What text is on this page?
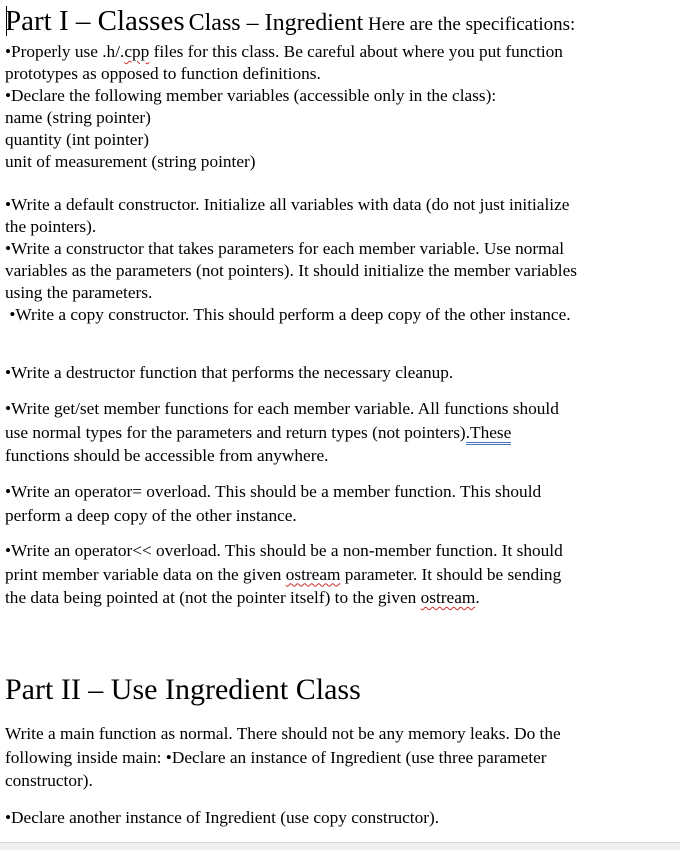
Part I – Classes Class – Ingredient Here are the specifications:

•Properly use .h/.cpp files for this class. Be careful about where you put function

prototypes as opposed to function definitions.

•Declare the following member variables (accessible only in the class):

name (string pointer)

quantity (int pointer)

unit of measurement (string pointer)

•Write a default constructor. Initialize all variables with data (do not just initialize

the pointers).

•Write a constructor that takes parameters for each member variable. Use normal

variables as the parameters (not pointers). It should initialize the member variables

using the parameters.

•Write a copy constructor. This should perform a deep copy of the other instance.

•Write a destructor function that performs the necessary cleanup.

•Write get/set member functions for each member variable. All functions should

use normal types for the parameters and return types (not pointers).These

functions should be accessible from anywhere.

•Write an operator= overload. This should be a member function. This should

perform a deep copy of the other instance.

•Write an operator<< overload. This should be a non-member function. It should

print member variable data on the given ostream parameter. It should be sending

the data being pointed at (not the pointer itself) to the given ostream.

Part II – Use Ingredient Class

Write a main function as normal. There should not be any memory leaks. Do the

following inside main: •Declare an instance of Ingredient (use three parameter

constructor).

•Declare another instance of Ingredient (use copy constructor).
